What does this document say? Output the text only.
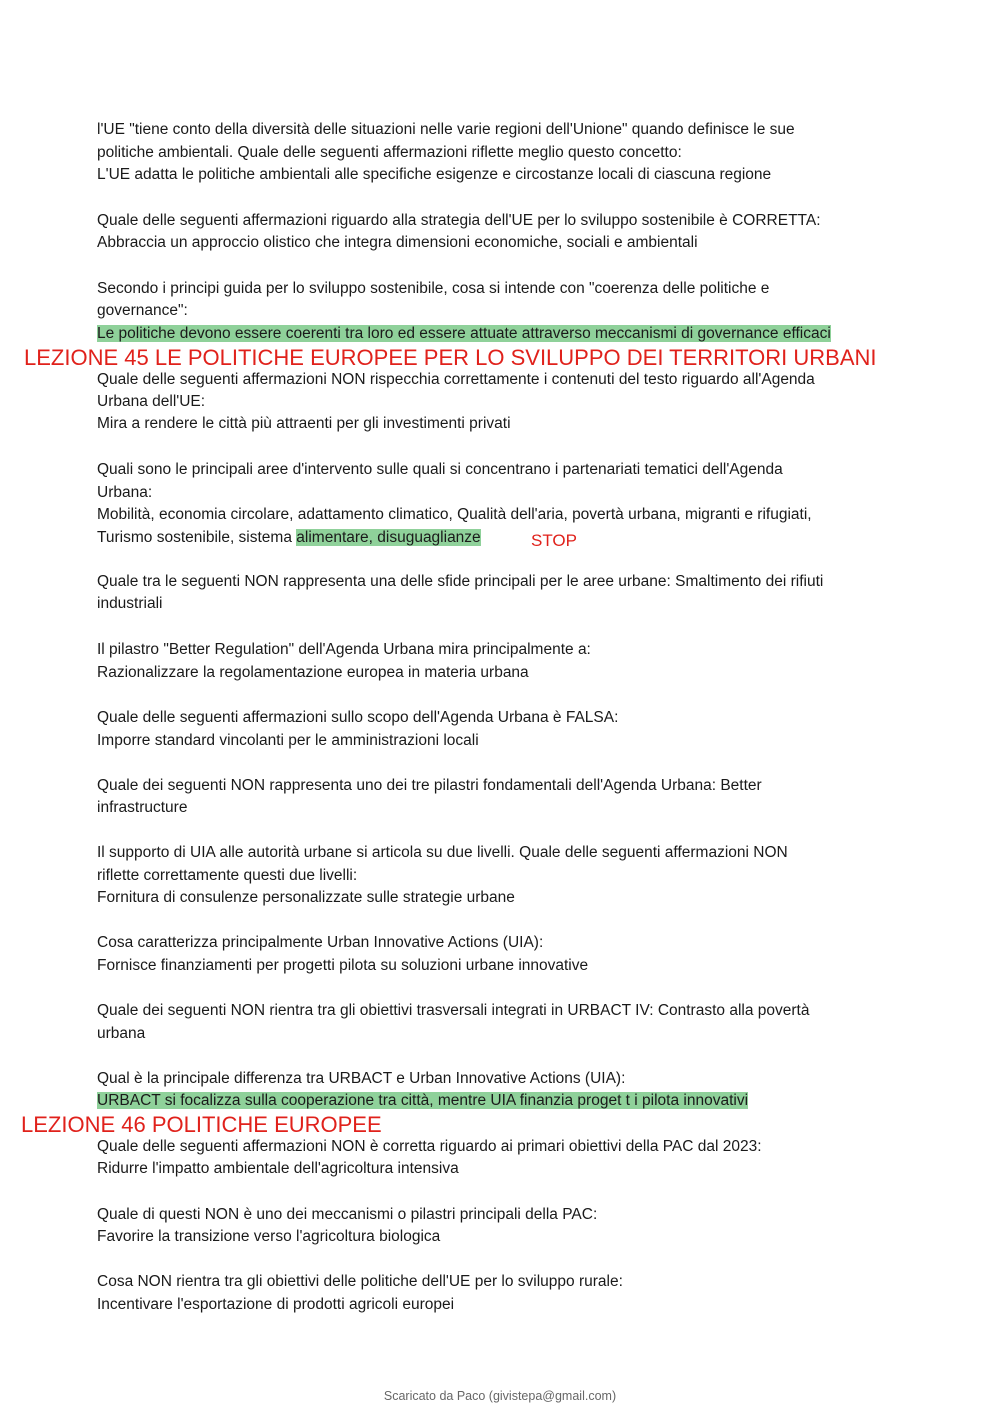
l'UE "tiene conto della diversità delle situazioni nelle varie regioni dell'Unione" quando definisce le sue
politiche ambientali. Quale delle seguenti affermazioni riflette meglio questo concetto:
L'UE adatta le politiche ambientali alle specifiche esigenze e circostanze locali di ciascuna regione
Quale delle seguenti affermazioni riguardo alla strategia dell'UE per lo sviluppo sostenibile è CORRETTA:
Abbraccia un approccio olistico che integra dimensioni economiche, sociali e ambientali
Secondo i principi guida per lo sviluppo sostenibile, cosa si intende con "coerenza delle politiche e
governance":
Le politiche devono essere coerenti tra loro ed essere attuate attraverso meccanismi di governance efficaci
LEZIONE 45 LE POLITICHE EUROPEE PER LO SVILUPPO DEI TERRITORI URBANI
Quale delle seguenti affermazioni NON rispecchia correttamente i contenuti del testo riguardo all'Agenda
Urbana dell'UE:
Mira a rendere le città più attraenti per gli investimenti privati
Quali sono le principali aree d'intervento sulle quali si concentrano i partenariati tematici dell'Agenda
Urbana:
Mobilità, economia circolare, adattamento climatico, Qualità dell'aria, povertà urbana, migranti e rifugiati,
Turismo sostenibile, sistema alimentare, disuguaglianze	STOP
Quale tra le seguenti NON rappresenta una delle sfide principali per le aree urbane: Smaltimento dei rifiuti
industriali
Il pilastro "Better Regulation" dell'Agenda Urbana mira principalmente a:
Razionalizzare la regolamentazione europea in materia urbana
Quale delle seguenti affermazioni sullo scopo dell'Agenda Urbana è FALSA:
Imporre standard vincolanti per le amministrazioni locali
Quale dei seguenti NON rappresenta uno dei tre pilastri fondamentali dell'Agenda Urbana: Better
infrastructure
Il supporto di UIA alle autorità urbane si articola su due livelli. Quale delle seguenti affermazioni NON
riflette correttamente questi due livelli:
Fornitura di consulenze personalizzate sulle strategie urbane
Cosa caratterizza principalmente Urban Innovative Actions (UIA):
Fornisce finanziamenti per progetti pilota su soluzioni urbane innovative
Quale dei seguenti NON rientra tra gli obiettivi trasversali integrati in URBACT IV: Contrasto alla povertà
urbana
Qual è la principale differenza tra URBACT e Urban Innovative Actions (UIA):
URBACT si focalizza sulla cooperazione tra città, mentre UIA finanzia proget t i pilota innovativi
LEZIONE 46 POLITICHE EUROPEE
Quale delle seguenti affermazioni NON è corretta riguardo ai primari obiettivi della PAC dal 2023:
Ridurre l'impatto ambientale dell'agricoltura intensiva
Quale di questi NON è uno dei meccanismi o pilastri principali della PAC:
Favorire la transizione verso l'agricoltura biologica
Cosa NON rientra tra gli obiettivi delle politiche dell'UE per lo sviluppo rurale:
Incentivare l'esportazione di prodotti agricoli europei
Scaricato da Paco (givistepa@gmail.com)
